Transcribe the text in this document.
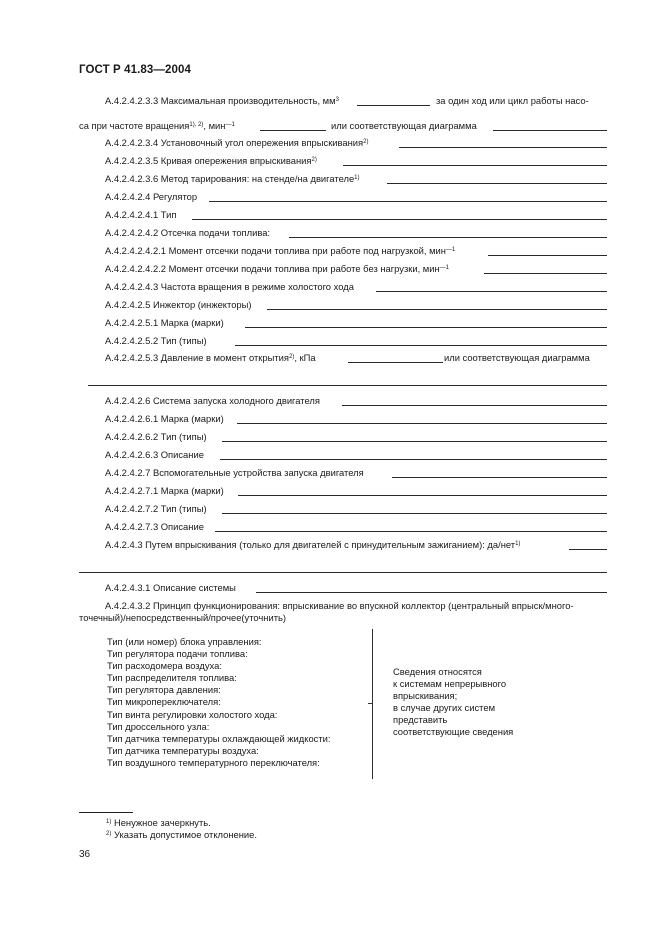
ГОСТ Р 41.83—2004
А.4.2.4.2.3.3 Максимальная производительность, $мм^3$	за один ход или цикл работы насо-
са при частоте вращения$^{1), 2)}$, мин$^{—1}$	или соответствующая диаграмма
А.4.2.4.2.3.4 Установочный угол опережения впрыскивания$^{2)}$
А.4.2.4.2.3.5 Кривая опережения впрыскивания$^{2)}$
А.4.2.4.2.3.6 Метод тарирования: на стенде/на двигателе$^{1)}$
А.4.2.4.2.4 Регулятор
А.4.2.4.2.4.1 Тип
А.4.2.4.2.4.2 Отсечка подачи топлива:
А.4.2.4.2.4.2.1 Момент отсечки подачи топлива при работе под нагрузкой, мин$^{—1}$
А.4.2.4.2.4.2.2 Момент отсечки подачи топлива при работе без нагрузки, мин$^{—1}$
А.4.2.4.2.4.3 Частота вращения в режиме холостого хода
А.4.2.4.2.5 Инжектор (инжекторы)
А.4.2.4.2.5.1 Марка (марки)
А.4.2.4.2.5.2 Тип (типы)
А.4.2.4.2.5.3 Давление в момент открытия$^{2)}$, кПа	или соответствующая диаграмма
А.4.2.4.2.6 Система запуска холодного двигателя
А.4.2.4.2.6.1 Марка (марки)
А.4.2.4.2.6.2 Тип (типы)
А.4.2.4.2.6.3 Описание
А.4.2.4.2.7 Вспомогательные устройства запуска двигателя
А.4.2.4.2.7.1 Марка (марки)
А.4.2.4.2.7.2 Тип (типы)
А.4.2.4.2.7.3 Описание
А.4.2.4.3 Путем впрыскивания (только для двигателей с принудительным зажиганием): да/нет$^{1)}$
А.4.2.4.3.1 Описание системы
А.4.2.4.3.2 Принцип функционирования: впрыскивание во впускной коллектор (центральный впрыск/много-
точечный)/непосредственный/прочее(уточнить)
Тип (или номер) блока управления:
Тип регулятора подачи топлива:
Тип расходомера воздуха:
Тип распределителя топлива:
Тип регулятора давления:
Тип микропереключателя:
Тип винта регулировки холостого хода:
Тип дроссельного узла:
Тип датчика температуры охлаждающей жидкости:
Тип датчика температуры воздуха:
Тип воздушного температурного переключателя:
Сведения относятся
к системам непрерывного
впрыскивания;
в случае других систем
представить
соответствующие сведения
$^{1)}$ Ненужное зачеркнуть.
$^{2)}$ Указать допустимое отклонение.
36
